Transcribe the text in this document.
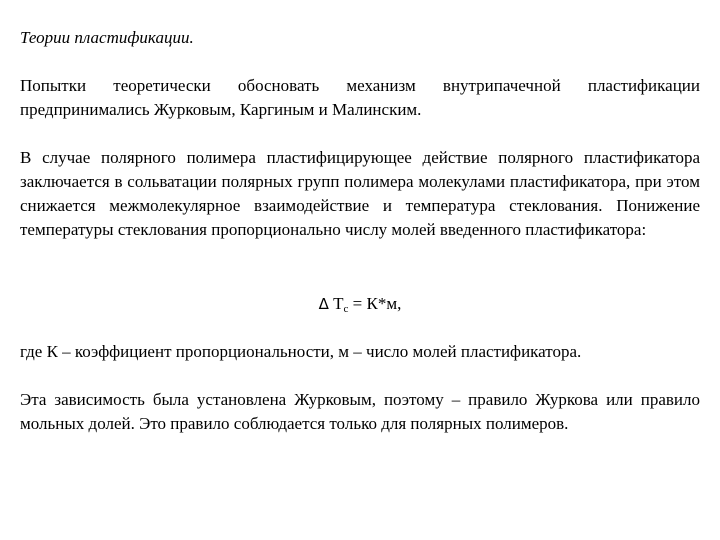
Теории пластификации.
Попытки теоретически обосновать механизм внутрипачечной пластификации предпринимались Журковым, Каргиным и Малинским.
В случае полярного полимера пластифицирующее действие полярного пластификатора заключается в сольватации полярных групп полимера молекулами пластификатора, при этом снижается межмолекулярное взаимодействие и температура стеклования. Понижение температуры стеклования пропорционально числу молей введенного пластификатора:
Δ $Т_с = К*м$,
где К – коэффициент пропорциональности, м – число молей пластификатора.
Эта зависимость была установлена Журковым, поэтому – правило Журкова или правило мольных долей. Это правило соблюдается только для полярных полимеров.
